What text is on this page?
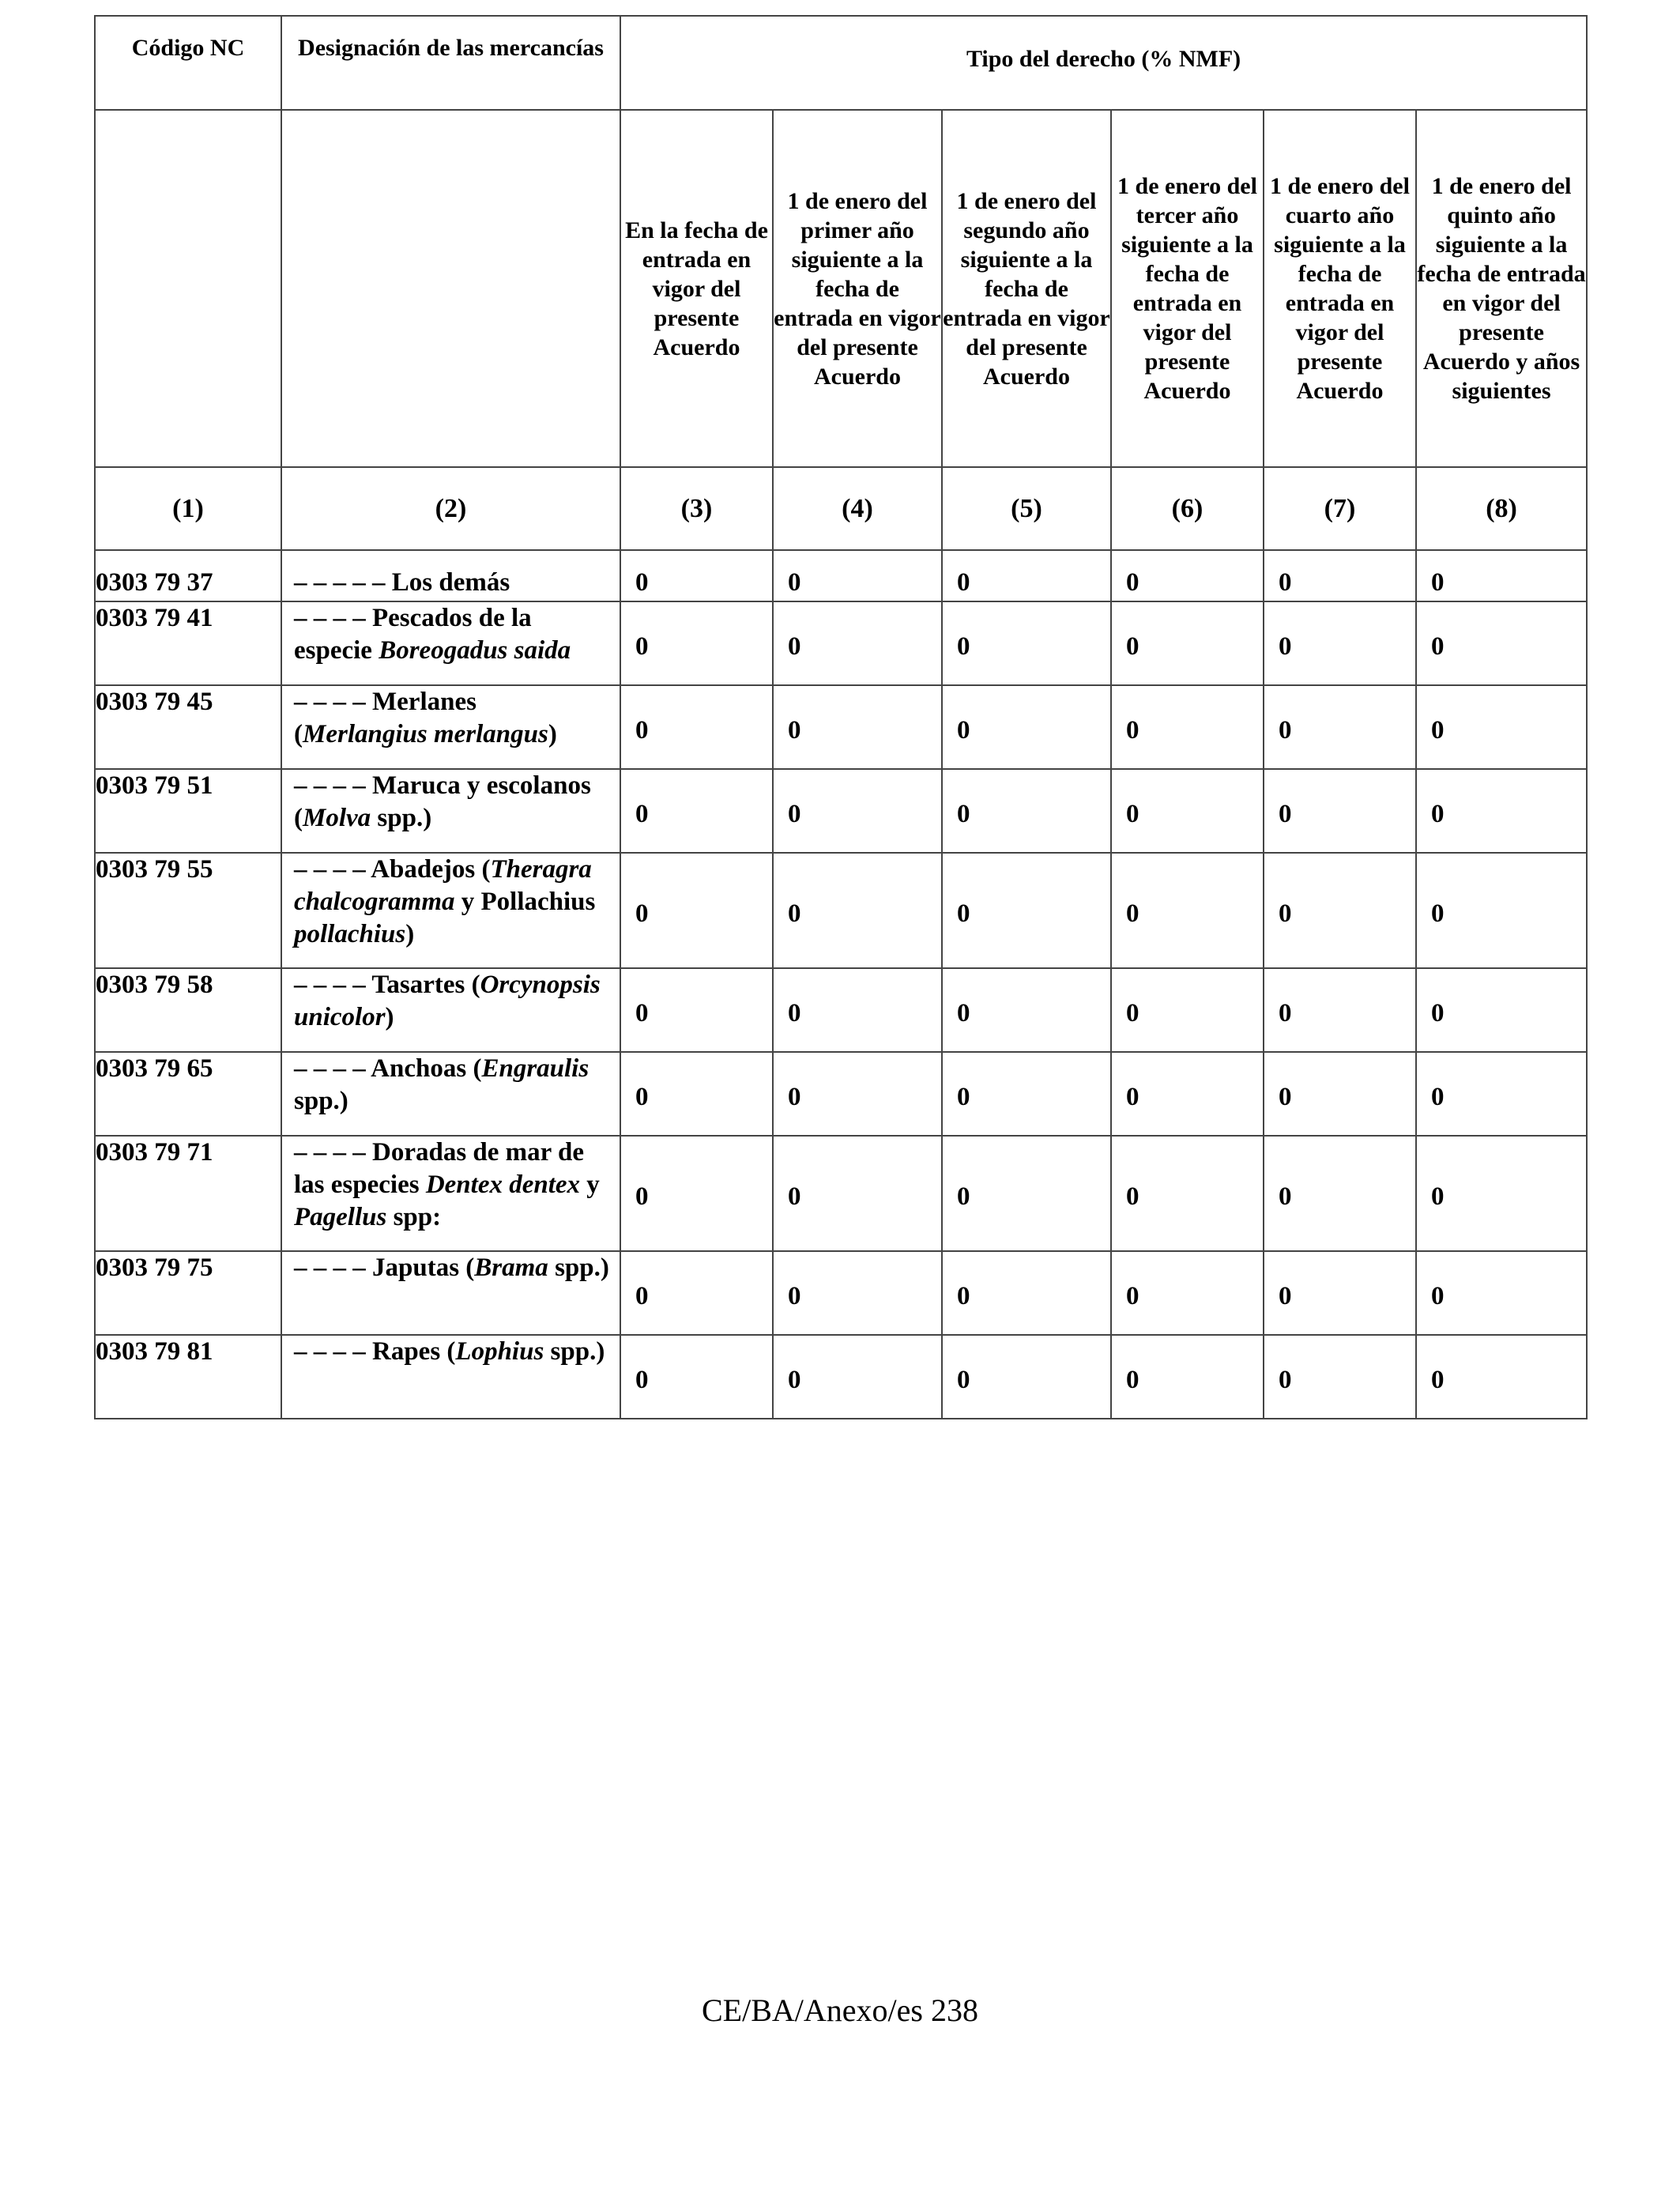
Código NC	Designación de las mercancías	Tipo del derecho (% NMF)					
		En la fecha de entrada en vigor del presente Acuerdo	1 de enero del primer año siguiente a la fecha de entrada en vigor del presente Acuerdo	1 de enero del segundo año siguiente a la fecha de entrada en vigor del presente Acuerdo	1 de enero del tercer año siguiente a la fecha de entrada en vigor del presente Acuerdo	1 de enero del cuarto año siguiente a la fecha de entrada en vigor del presente Acuerdo	1 de enero del quinto año siguiente a la fecha de entrada en vigor del presente Acuerdo y años siguientes
(1)	(2)	(3)	(4)	(5)	(6)	(7)	(8)
0303 79 37	– – – – – Los demás	0	0	0	0	0	0
0303 79 41	– – – – Pescados de la especie Boreogadus saida	0	0	0	0	0	0
0303 79 45	– – – – Merlanes (Merlangius merlangus)	0	0	0	0	0	0
0303 79 51	– – – – Maruca y escolanos (Molva spp.)	0	0	0	0	0	0
0303 79 55	– – – – Abadejos (Theragra chalcogramma y Pollachius pollachius)	0	0	0	0	0	0
0303 79 58	– – – – Tasartes (Orcynopsis unicolor)	0	0	0	0	0	0
0303 79 65	– – – – Anchoas (Engraulis spp.)	0	0	0	0	0	0
0303 79 71	– – – – Doradas de mar de las especies Dentex dentex y Pagellus spp:	0	0	0	0	0	0
0303 79 75	– – – – Japutas (Brama spp.)	0	0	0	0	0	0
0303 79 81	– – – – Rapes (Lophius spp.)	0	0	0	0	0	0
CE/BA/Anexo/es 238
